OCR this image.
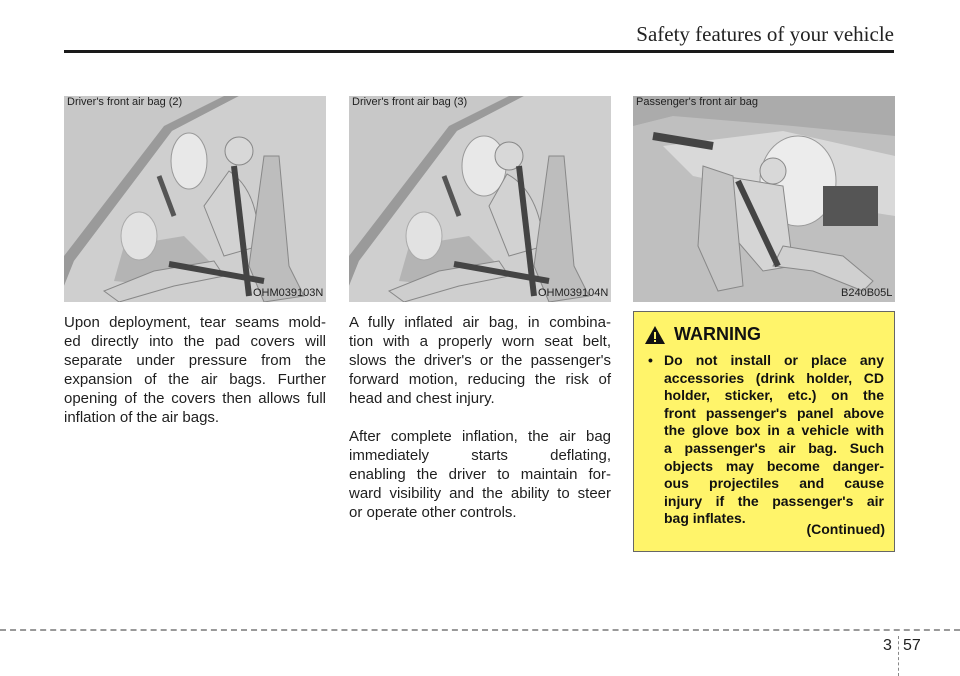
Safety features of your vehicle
Driver's front air bag (2)
OHM039103N
Driver's front air bag (3)
OHM039104N
Passenger's front air bag
B240B05L
Upon deployment, tear seams mold-
ed directly into the pad covers will
separate under pressure from the
expansion of the air bags. Further
opening of the covers then allows full
inflation of the air bags.

A fully inflated air bag, in combina-
tion with a properly worn seat belt,
slows the driver's or the passenger's
forward motion, reducing the risk of
head and chest injury.

After complete inflation, the air bag
immediately starts deflating,
enabling the driver to maintain for-
ward visibility and the ability to steer
or operate other controls.

WARNING
• Do not install or place any
accessories (drink holder, CD
holder, sticker, etc.) on the
front passenger's panel above
the glove box in a vehicle with
a passenger's air bag. Such
objects may become danger-
ous projectiles and cause
injury if the passenger's air
bag inflates.
(Continued)
3 57
